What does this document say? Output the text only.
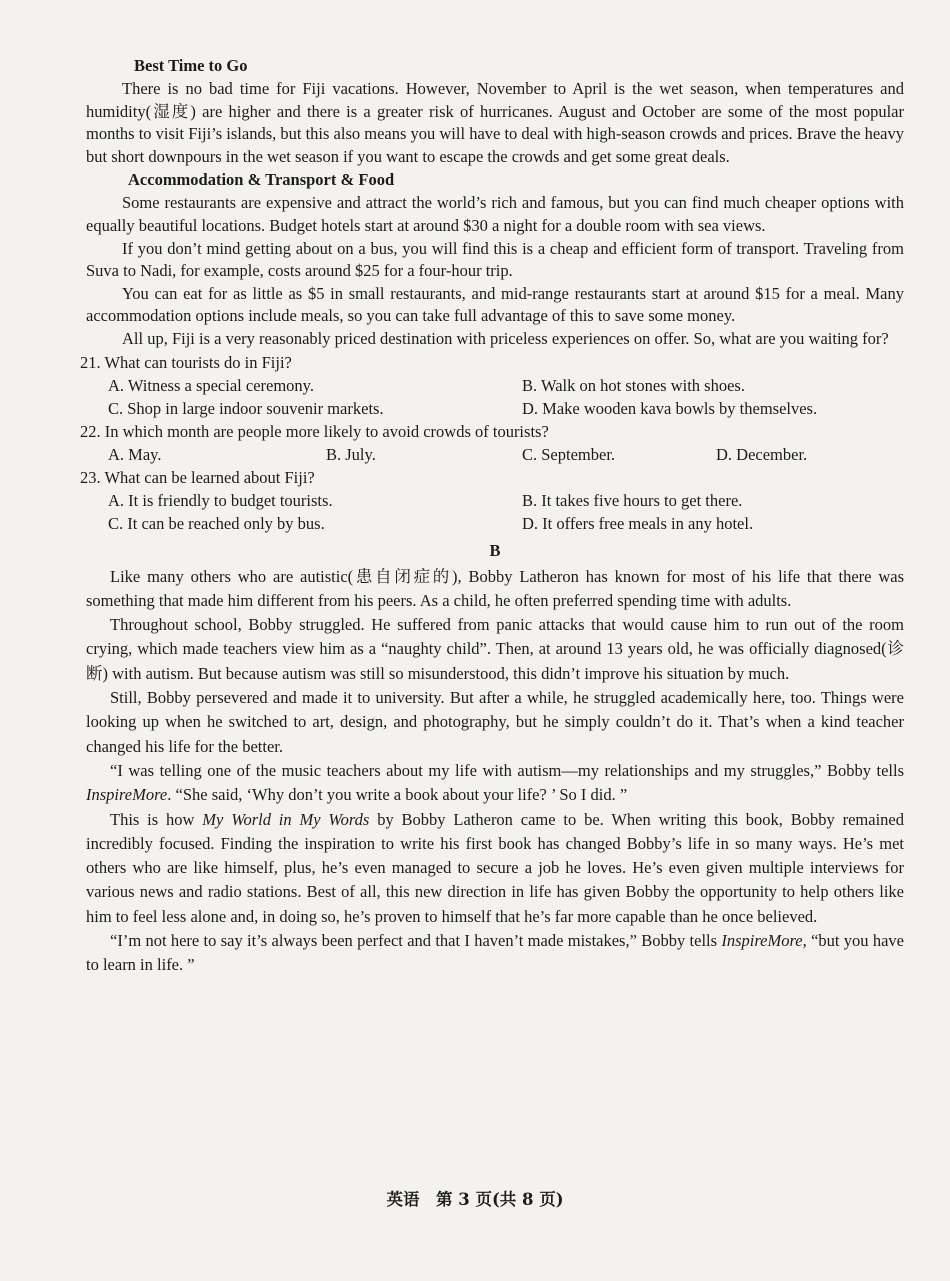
Best Time to Go

There is no bad time for Fiji vacations. However, November to April is the wet season, when temperatures and humidity(湿度) are higher and there is a greater risk of hurricanes. August and October are some of the most popular months to visit Fiji’s islands, but this also means you will have to deal with high-season crowds and prices. Brave the heavy but short downpours in the wet season if you want to escape the crowds and get some great deals.

Accommodation & Transport & Food

Some restaurants are expensive and attract the world’s rich and famous, but you can find much cheaper options with equally beautiful locations. Budget hotels start at around $30 a night for a double room with sea views.

If you don’t mind getting about on a bus, you will find this is a cheap and efficient form of transport. Traveling from Suva to Nadi, for example, costs around $25 for a four-hour trip.

You can eat for as little as $5 in small restaurants, and mid-range restaurants start at around $15 for a meal. Many accommodation options include meals, so you can take full advantage of this to save some money.

All up, Fiji is a very reasonably priced destination with priceless experiences on offer. So, what are you waiting for?

21. What can tourists do in Fiji?
A. Witness a special ceremony.	B. Walk on hot stones with shoes.
C. Shop in large indoor souvenir markets.	D. Make wooden kava bowls by themselves.
22. In which month are people more likely to avoid crowds of tourists?
A. May.	B. July.	C. September.	D. December.
23. What can be learned about Fiji?
A. It is friendly to budget tourists.	B. It takes five hours to get there.
C. It can be reached only by bus.	D. It offers free meals in any hotel.
B

Like many others who are autistic(患自闭症的), Bobby Latheron has known for most of his life that there was something that made him different from his peers. As a child, he often preferred spending time with adults.

Throughout school, Bobby struggled. He suffered from panic attacks that would cause him to run out of the room crying, which made teachers view him as a “naughty child”. Then, at around 13 years old, he was officially diagnosed(诊断) with autism. But because autism was still so misunderstood, this didn’t improve his situation by much.

Still, Bobby persevered and made it to university. But after a while, he struggled academically here, too. Things were looking up when he switched to art, design, and photography, but he simply couldn’t do it. That’s when a kind teacher changed his life for the better.

“I was telling one of the music teachers about my life with autism—my relationships and my struggles,” Bobby tells InspireMore. “She said, ‘Why don’t you write a book about your life? ’ So I did. ”

This is how My World in My Words by Bobby Latheron came to be. When writing this book, Bobby remained incredibly focused. Finding the inspiration to write his first book has changed Bobby’s life in so many ways. He’s met others who are like himself, plus, he’s even managed to secure a job he loves. He’s even given multiple interviews for various news and radio stations. Best of all, this new direction in life has given Bobby the opportunity to help others like him to feel less alone and, in doing so, he’s proven to himself that he’s far more capable than he once believed.

“I’m not here to say it’s always been perfect and that I haven’t made mistakes,” Bobby tells InspireMore, “but you have to learn in life. ”

英语　第 3 页(共 8 页)
